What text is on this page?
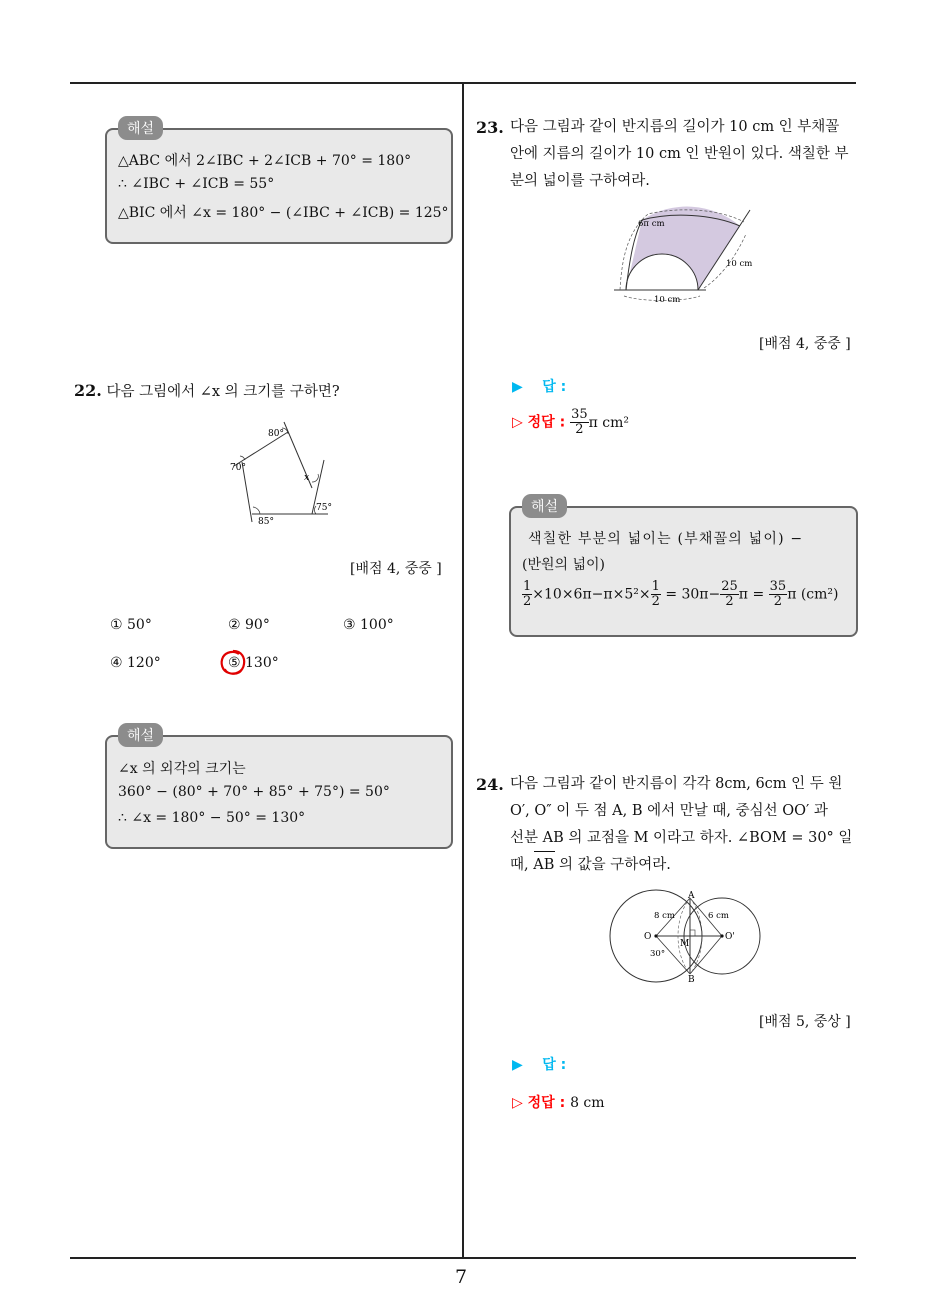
7
해설
△ABC 에서 2∠IBC + 2∠ICB + 70° = 180°
∴ ∠IBC + ∠ICB = 55°
△BIC 에서 ∠x = 180° − (∠IBC + ∠ICB) = 125°
22. 다음 그림에서 ∠x 의 크기를 구하면?
80°
70°
x
75°
85°
[배점 4, 중중 ]
① 50°	② 90°	③ 100°
④ 120°	⑤ 130°
해설
∠x 의 외각의 크기는
360° − (80° + 70° + 85° + 75°) = 50°
∴ ∠x = 180° − 50° = 130°
23. 다음 그림과 같이 반지름의 길이가 10 cm 인 부채꼴
안에 지름의 길이가 10 cm 인 반원이 있다. 색칠한 부
분의 넓이를 구하여라.
6π cm
10 cm
10 cm
[배점 4, 중중 ]
▶ 답 :
▷ 정답 : $\frac{35}{2}$ π cm²
해설
색칠한 부분의 넓이는 (부채꼴의 넓이) −
(반원의 넓이)
$\frac{1}{2} \times 10\times 6\pi-\pi\times 5^2\times \frac{1}{2} = 30\pi- \frac{25}{2}$ $\pi = \frac{35}{2}$ π (cm²)
24. 다음 그림과 같이 반지름이 각각 8cm, 6cm 인 두 원
O′, O″ 이 두 점 A, B 에서 만날 때, 중심선 OO′ 과
선분 AB 의 교점을 M 이라고 하자. ∠BOM = 30° 일
때, AB 의 값을 구하여라.
A
B
O	O'
M
8 cm	6 cm
30°
[배점 5, 중상 ]
▶ 답 :
▷ 정답 : 8 cm
